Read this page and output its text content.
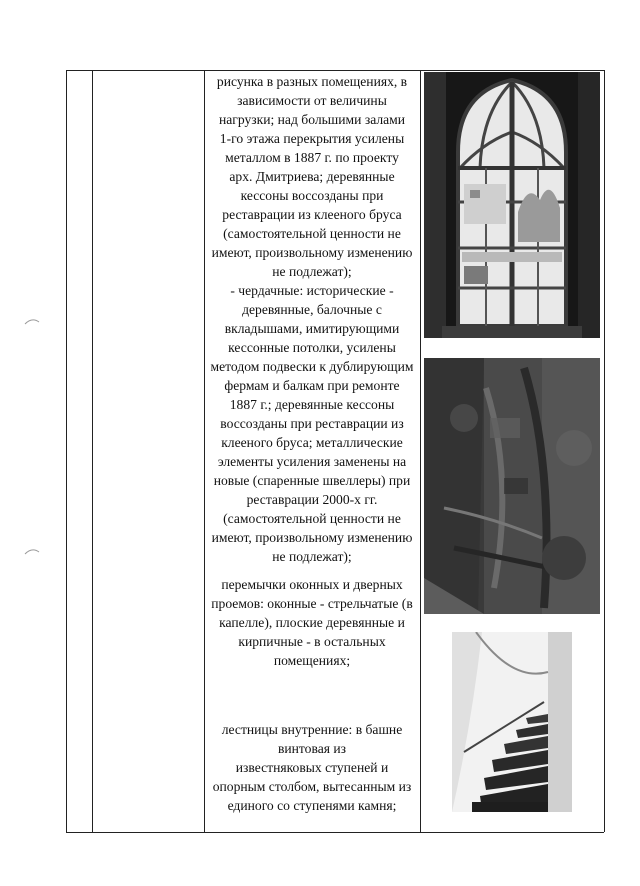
рисунка в разных помещениях, в
зависимости от величины
нагрузки; над большими залами
1-го этажа перекрытия усилены
металлом в 1887 г. по проекту
арх. Дмитриева; деревянные
кессоны воссозданы при
реставрации из клееного бруса
(самостоятельной ценности не
имеют, произвольному изменению
не подлежат);
- чердачные: исторические -
деревянные, балочные с
вкладышами, имитирующими
кессонные потолки, усилены
методом подвески к дублирующим
фермам и балкам при ремонте
1887 г.; деревянные кессоны
воссозданы при реставрации из
клееного бруса; металлические
элементы усиления заменены на
новые (спаренные швеллеры) при
реставрации 2000-х гг.
(самостоятельной ценности не
имеют, произвольному изменению
не подлежат);
перемычки оконных и дверных
проемов: оконные - стрельчатые (в
капелле), плоские деревянные и
кирпичные - в остальных
помещениях;
лестницы внутренние: в башне
винтовая из
известняковых ступеней и
опорным столбом, вытесанным из
единого со ступенями камня;
